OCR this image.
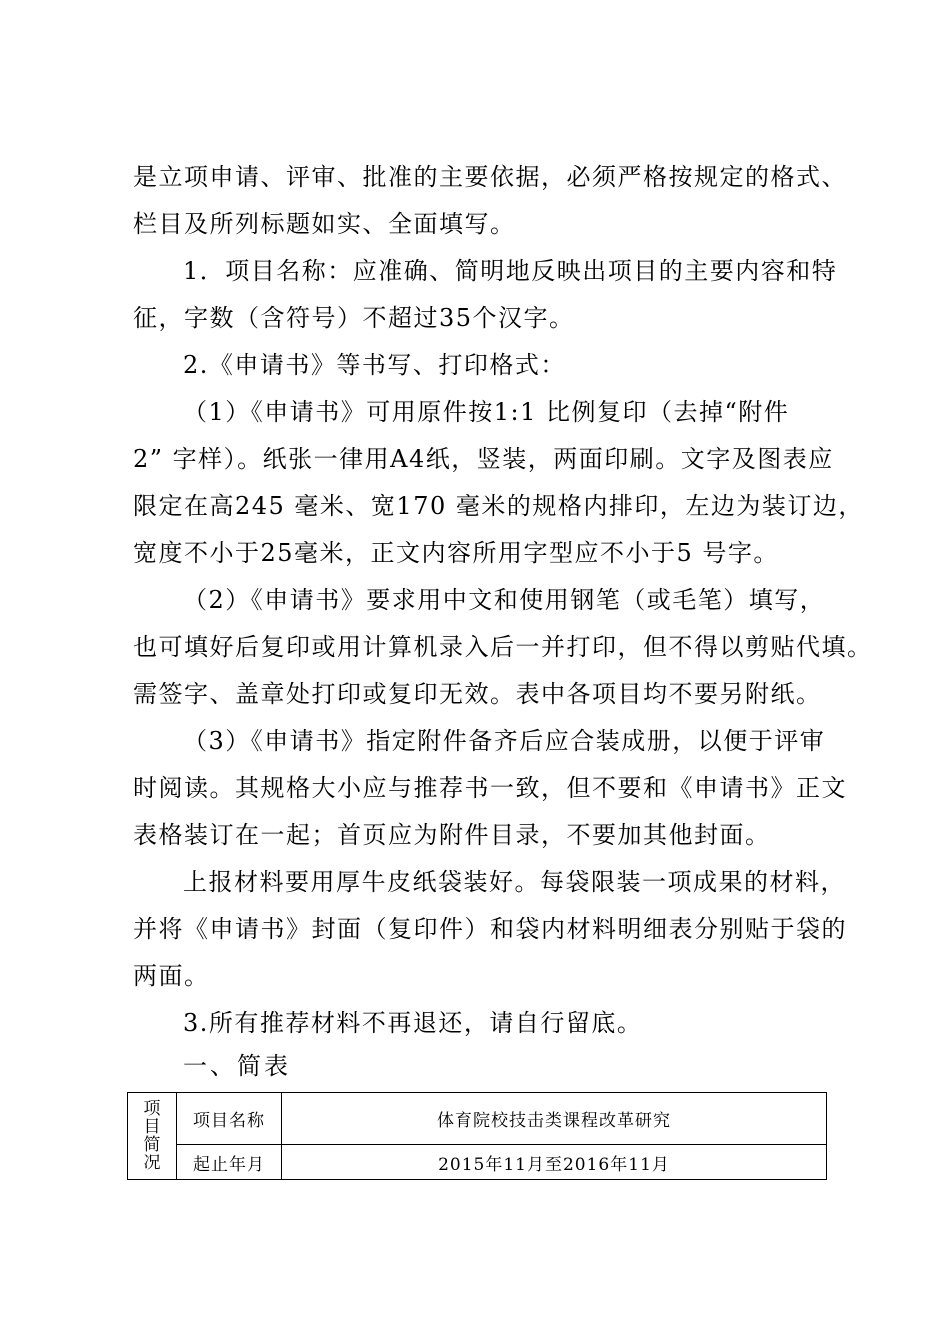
是立项申请、评审、批准的主要依据，必须严格按规定的格式、
栏目及所列标题如实、全面填写。
1．项目名称：应准确、简明地反映出项目的主要内容和特
征，字数（含符号）不超过35个汉字。
2.《申请书》等书写、打印格式：
（1）《申请书》可用原件按1:1 比例复印（去掉“附件
2” 字样）。纸张一律用A4纸，竖装，两面印刷。文字及图表应
限定在高245 毫米、宽170 毫米的规格内排印，左边为装订边，
宽度不小于25毫米，正文内容所用字型应不小于5 号字。
（2）《申请书》要求用中文和使用钢笔（或毛笔）填写，
也可填好后复印或用计算机录入后一并打印，但不得以剪贴代填。
需签字、盖章处打印或复印无效。表中各项目均不要另附纸。
（3）《申请书》指定附件备齐后应合装成册，以便于评审
时阅读。其规格大小应与推荐书一致，但不要和《申请书》正文
表格装订在一起；首页应为附件目录，不要加其他封面。
上报材料要用厚牛皮纸袋装好。每袋限装一项成果的材料，
并将《申请书》封面（复印件）和袋内材料明细表分别贴于袋的
两面。
3.所有推荐材料不再退还，请自行留底。
一、简表
项目简况	项目名称	体育院校技击类课程改革研究
	起止年月	2015年11月至2016年11月
